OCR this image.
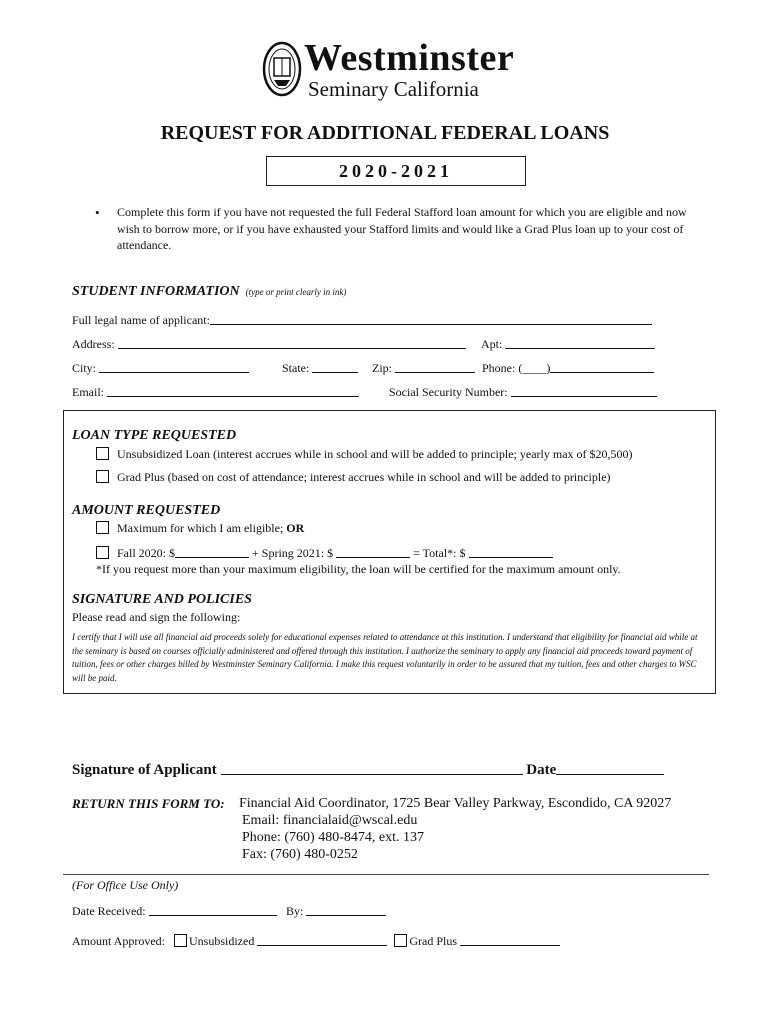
Westminster
Seminary California
REQUEST FOR ADDITIONAL FEDERAL LOANS
2020-2021
• Complete this form if you have not requested the full Federal Stafford loan amount for which you are eligible and now wish to borrow more, or if you have exhausted your Stafford limits and would like a Grad Plus loan up to your cost of attendance.
STUDENT INFORMATION (type or print clearly in ink)
Full legal name of applicant:
Address:	Apt:
City:	State:	Zip:	Phone: (____)
Email:	Social Security Number:
LOAN TYPE REQUESTED
Unsubsidized Loan (interest accrues while in school and will be added to principle; yearly max of $20,500)
Grad Plus (based on cost of attendance; interest accrues while in school and will be added to principle)
AMOUNT REQUESTED
Maximum for which I am eligible; OR
Fall 2020: $	+ Spring 2021: $	= Total*: $
*If you request more than your maximum eligibility, the loan will be certified for the maximum amount only.
SIGNATURE AND POLICIES
Please read and sign the following:
I certify that I will use all financial aid proceeds solely for educational expenses related to attendance at this institution. I understand that eligibility for financial aid while at the seminary is based on courses officially administered and offered through this institution. I authorize the seminary to apply any financial aid proceeds toward payment of tuition, fees or other charges billed by Westminster Seminary California. I make this request voluntarily in order to be assured that my tuition, fees and other charges to WSC will be paid.
Signature of Applicant	Date
RETURN THIS FORM TO: Financial Aid Coordinator, 1725 Bear Valley Parkway, Escondido, CA 92027
Email: financialaid@wscal.edu
Phone: (760) 480-8474, ext. 137
Fax: (760) 480-0252
(For Office Use Only)
Date Received:	By:
Amount Approved: Unsubsidized	Grad Plus
